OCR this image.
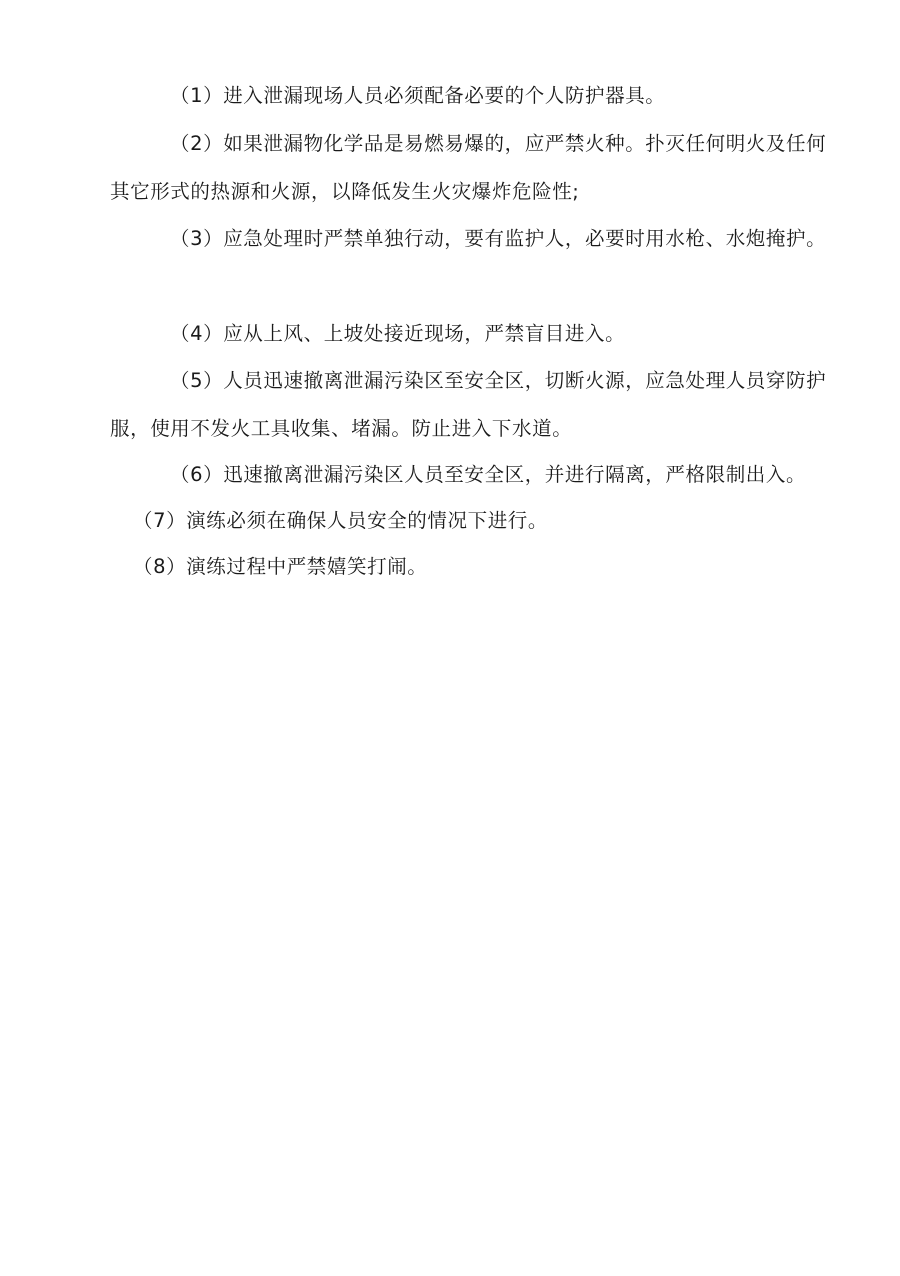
（1）进入泄漏现场人员必须配备必要的个人防护器具。

（2）如果泄漏物化学品是易燃易爆的，应严禁火种。扑灭任何明火及任何其它形式的热源和火源，以降低发生火灾爆炸危险性;

（3）应急处理时严禁单独行动，要有监护人，必要时用水枪、水炮掩护。

（4）应从上风、上坡处接近现场，严禁盲目进入。

（5）人员迅速撤离泄漏污染区至安全区，切断火源，应急处理人员穿防护服，使用不发火工具收集、堵漏。防止进入下水道。

（6）迅速撤离泄漏污染区人员至安全区，并进行隔离，严格限制出入。

（7）演练必须在确保人员安全的情况下进行。

（8）演练过程中严禁嬉笑打闹。
